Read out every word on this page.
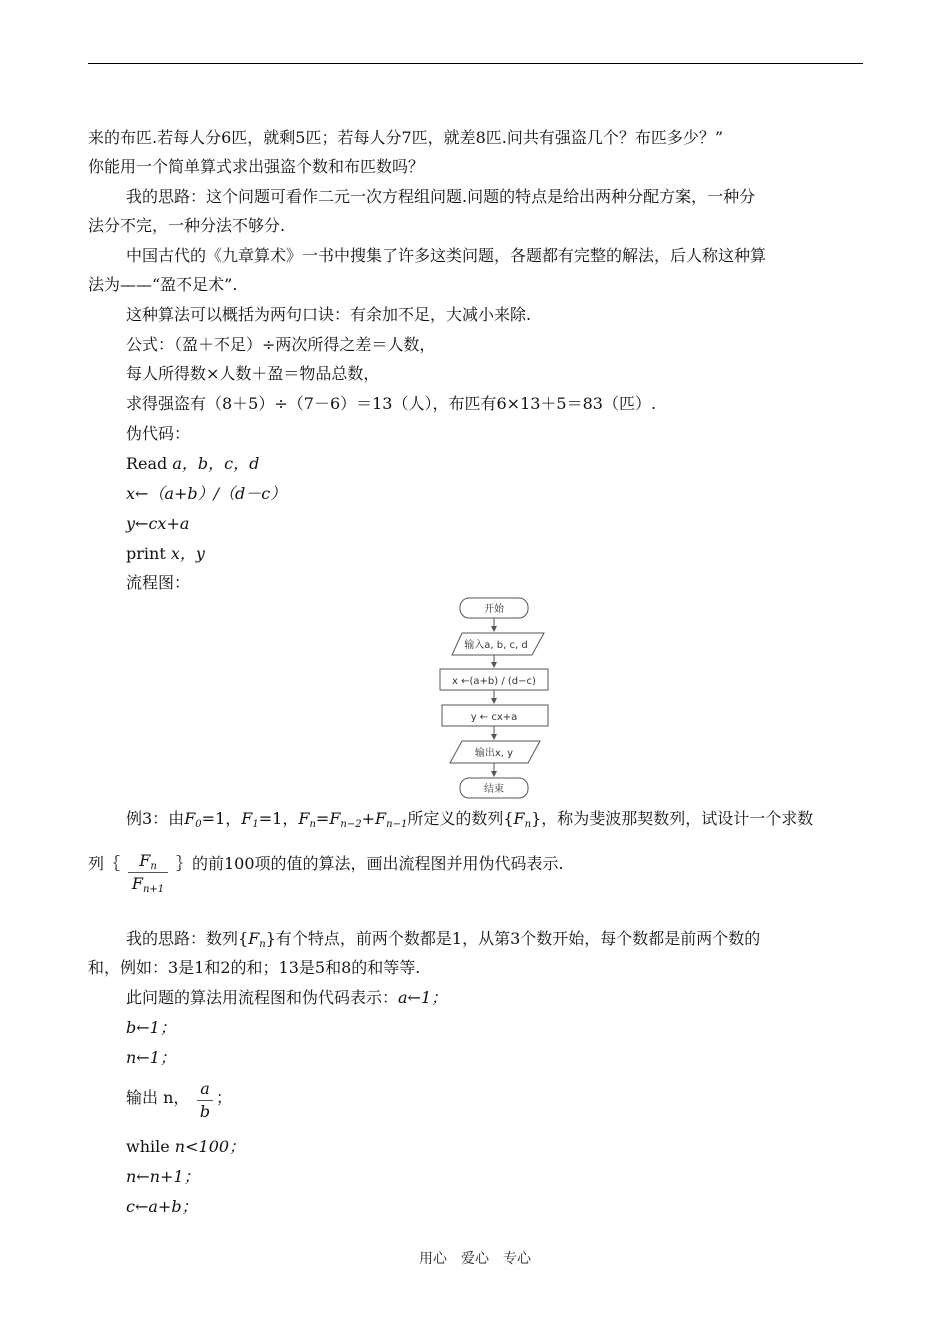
来的布匹.若每人分6匹，就剩5匹；若每人分7匹，就差8匹.问共有强盗几个？布匹多少？”
你能用一个简单算式求出强盗个数和布匹数吗？
我的思路：这个问题可看作二元一次方程组问题.问题的特点是给出两种分配方案，一种分
法分不完，一种分法不够分.
中国古代的《九章算术》一书中搜集了许多这类问题，各题都有完整的解法，后人称这种算
法为——“盈不足术”.
这种算法可以概括为两句口诀：有余加不足，大减小来除.
公式：（盈＋不足）÷两次所得之差＝人数，
每人所得数×人数＋盈＝物品总数，
求得强盗有（8＋5）÷（7－6）＝13（人），布匹有6×13＋5＝83（匹）.
伪代码：
Read a，b，c，d
x←（a+b）/（d－c）
y←cx+a
print x，y
流程图：
开始
输入a, b, c, d
x ←(a+b) / (d−c)
y ← cx+a
输出x, y
结束
例3：由$F_0=1$，$F_1=1$，$F_n=F_{n-2}+F_{n-1}$所定义的数列$\{F_n\}$，称为斐波那契数列，试设计一个求数
列｛	$F_n$
$F_{n+1}$
｝的前100项的值的算法，画出流程图并用伪代码表示.
我的思路：数列$\{F_n\}$有个特点，前两个数都是1，从第3个数开始，每个数都是前两个数的
和，例如：3是1和2的和；13是5和8的和等等.
此问题的算法用流程图和伪代码表示：a←1；
b←1；
n←1；
输出 n， a
b
；
while n<100；
n←n+1；
c←a+b；
用心　爱心　专心
